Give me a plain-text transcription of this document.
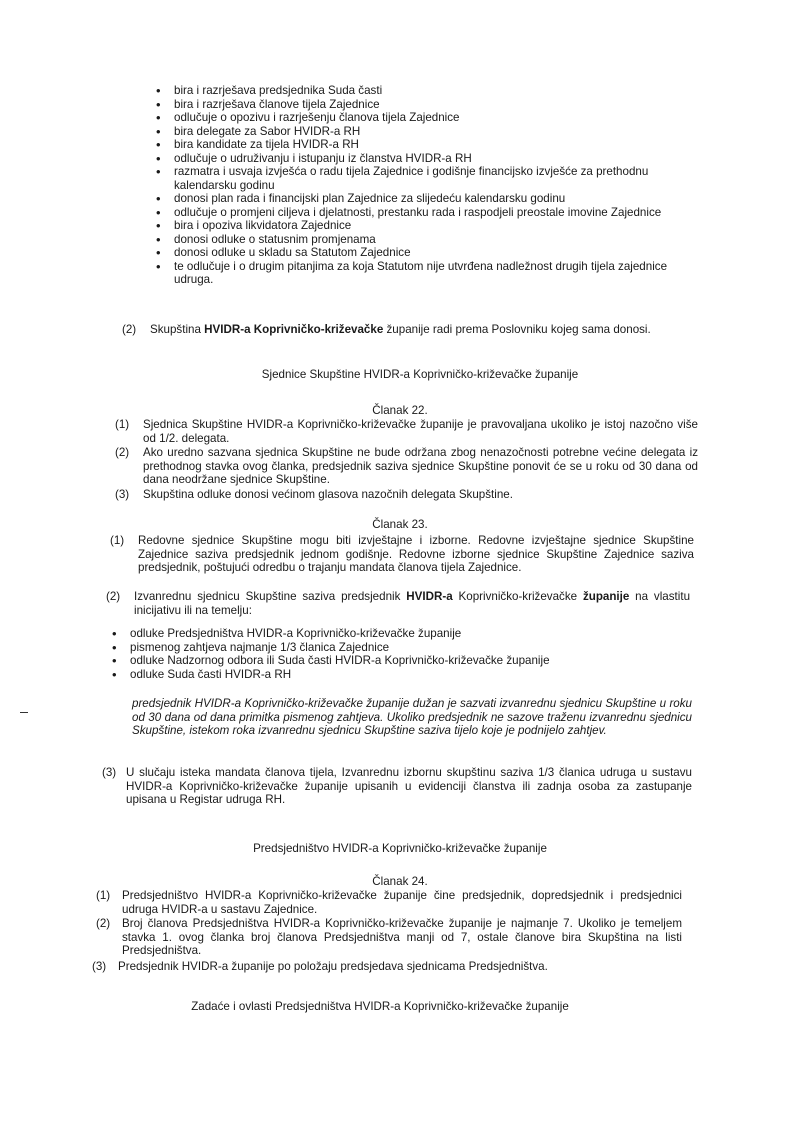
• bira i razrješava predsjednika Suda časti
• bira i razrješava članove tijela Zajednice
• odlučuje o opozivu i razrješenju članova tijela Zajednice
• bira delegate za Sabor HVIDR-a RH
• bira kandidate za tijela HVIDR-a RH
• odlučuje o udruživanju i istupanju iz članstva HVIDR-a RH
• razmatra i usvaja izvješća o radu tijela Zajednice i godišnje financijsko izvješće za prethodnu kalendarsku godinu
• donosi plan rada i financijski plan Zajednice za slijedeću kalendarsku godinu
• odlučuje o promjeni ciljeva i djelatnosti, prestanku rada i raspodjeli preostale imovine Zajednice
• bira i opoziva likvidatora Zajednice
• donosi odluke o statusnim promjenama
• donosi odluke u skladu sa Statutom Zajednice
• te odlučuje i o drugim pitanjima za koja Statutom nije utvrđena nadležnost drugih tijela zajednice udruga.
(2) Skupština HVIDR-a Koprivničko-križevačke županije radi prema Poslovniku kojeg sama donosi.
Sjednice Skupštine HVIDR-a Koprivničko-križevačke županije
Članak 22.
(1) Sjednica Skupštine HVIDR-a Koprivničko-križevačke županije je pravovaljana ukoliko je istoj nazočno više od 1/2. delegata.
(2) Ako uredno sazvana sjednica Skupštine ne bude održana zbog nenazočnosti potrebne većine delegata iz prethodnog stavka ovog članka, predsjednik saziva sjednice Skupštine ponovit će se u roku od 30 dana od dana neodržane sjednice Skupštine.
(3) Skupština odluke donosi većinom glasova nazočnih delegata Skupštine.
Članak 23.
(1) Redovne sjednice Skupštine mogu biti izvještajne i izborne. Redovne izvještajne sjednice Skupštine Zajednice saziva predsjednik jednom godišnje. Redovne izborne sjednice Skupštine Zajednice saziva predsjednik, poštujući odredbu o trajanju mandata članova tijela Zajednice.
(2) Izvanrednu sjednicu Skupštine saziva predsjednik HVIDR-a Koprivničko-križevačke županije na vlastitu inicijativu ili na temelju:
• odluke Predsjedništva HVIDR-a Koprivničko-križevačke županije
• pismenog zahtjeva najmanje 1/3 članica Zajednice
• odluke Nadzornog odbora ili Suda časti HVIDR-a Koprivničko-križevačke županije
• odluke Suda časti HVIDR-a RH
predsjednik HVIDR-a Koprivničko-križevačke županije dužan je sazvati izvanrednu sjednicu Skupštine u roku od 30 dana od dana primitka pismenog zahtjeva. Ukoliko predsjednik ne sazove traženu izvanrednu sjednicu Skupštine, istekom roka izvanrednu sjednicu Skupštine saziva tijelo koje je podnijelo zahtjev.
(3) U slučaju isteka mandata članova tijela, Izvanrednu izbornu skupštinu saziva 1/3 članica udruga u sustavu HVIDR-a Koprivničko-križevačke županije upisanih u evidenciji članstva ili zadnja osoba za zastupanje upisana u Registar udruga RH.
Predsjedništvo HVIDR-a Koprivničko-križevačke županije
Članak 24.
(1) Predsjedništvo HVIDR-a Koprivničko-križevačke županije čine predsjednik, dopredsjednik i predsjednici udruga HVIDR-a u sastavu Zajednice.
(2) Broj članova Predsjedništva HVIDR-a Koprivničko-križevačke županije je najmanje 7. Ukoliko je temeljem stavka 1. ovog članka broj članova Predsjedništva manji od 7, ostale članove bira Skupština na listi Predsjedništva.
(3) Predsjednik HVIDR-a županije po položaju predsjedava sjednicama Predsjedništva.
Zadaće i ovlasti Predsjedništva HVIDR-a Koprivničko-križevačke županije
